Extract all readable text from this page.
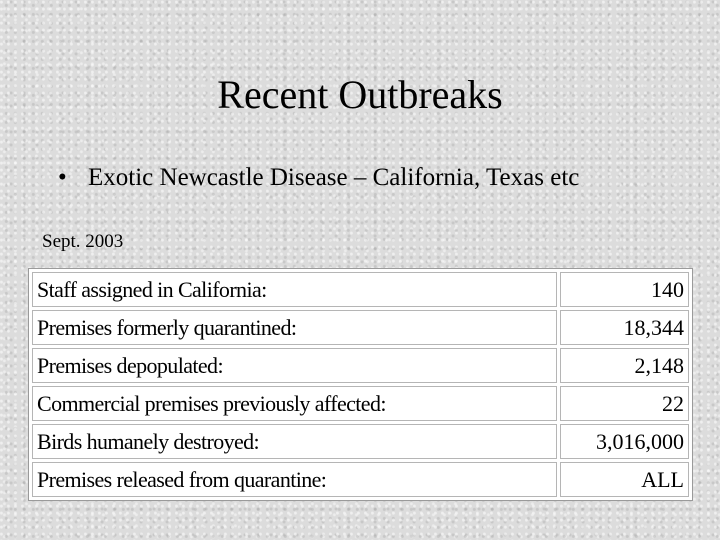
Recent Outbreaks
• Exotic Newcastle Disease – California, Texas etc
Sept. 2003
Staff assigned in California:	140
Premises formerly quarantined:	18,344
Premises depopulated:	2,148
Commercial premises previously affected:	22
Birds humanely destroyed:	3,016,000
Premises released from quarantine:	ALL
